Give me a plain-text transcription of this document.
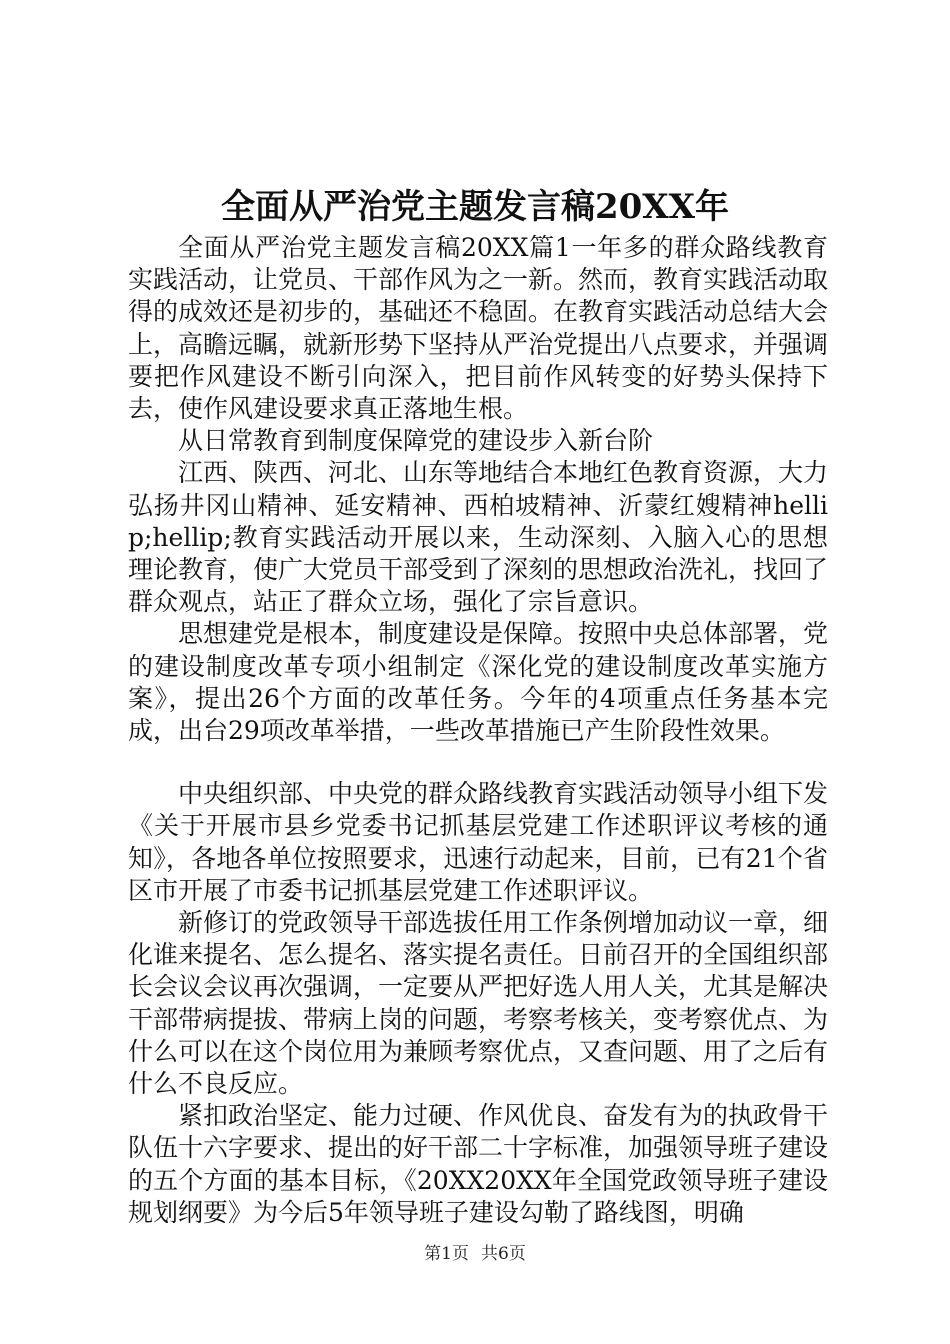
全面从严治党主题发言稿20XX年

全面从严治党主题发言稿20XX篇1一年多的群众路线教育实践活动，让党员、干部作风为之一新。然而，教育实践活动取得的成效还是初步的，基础还不稳固。在教育实践活动总结大会上，高瞻远瞩，就新形势下坚持从严治党提出八点要求，并强调要把作风建设不断引向深入，把目前作风转变的好势头保持下去，使作风建设要求真正落地生根。

从日常教育到制度保障党的建设步入新台阶

江西、陕西、河北、山东等地结合本地红色教育资源，大力弘扬井冈山精神、延安精神、西柏坡精神、沂蒙红嫂精神hellip;hellip;教育实践活动开展以来，生动深刻、入脑入心的思想理论教育，使广大党员干部受到了深刻的思想政治洗礼，找回了群众观点，站正了群众立场，强化了宗旨意识。

思想建党是根本，制度建设是保障。按照中央总体部署，党的建设制度改革专项小组制定《深化党的建设制度改革实施方案》，提出26个方面的改革任务。今年的4项重点任务基本完成，出台29项改革举措，一些改革措施已产生阶段性效果。

中央组织部、中央党的群众路线教育实践活动领导小组下发《关于开展市县乡党委书记抓基层党建工作述职评议考核的通知》，各地各单位按照要求，迅速行动起来，目前，已有21个省区市开展了市委书记抓基层党建工作述职评议。

新修订的党政领导干部选拔任用工作条例增加动议一章，细化谁来提名、怎么提名、落实提名责任。日前召开的全国组织部长会议会议再次强调，一定要从严把好选人用人关，尤其是解决干部带病提拔、带病上岗的问题，考察考核关，变考察优点、为什么可以在这个岗位用为兼顾考察优点，又查问题、用了之后有什么不良反应。

紧扣政治坚定、能力过硬、作风优良、奋发有为的执政骨干队伍十六字要求、提出的好干部二十字标准，加强领导班子建设的五个方面的基本目标，《20XX20XX年全国党政领导班子建设规划纲要》为今后5年领导班子建设勾勒了路线图，明确

第1页 共6页
